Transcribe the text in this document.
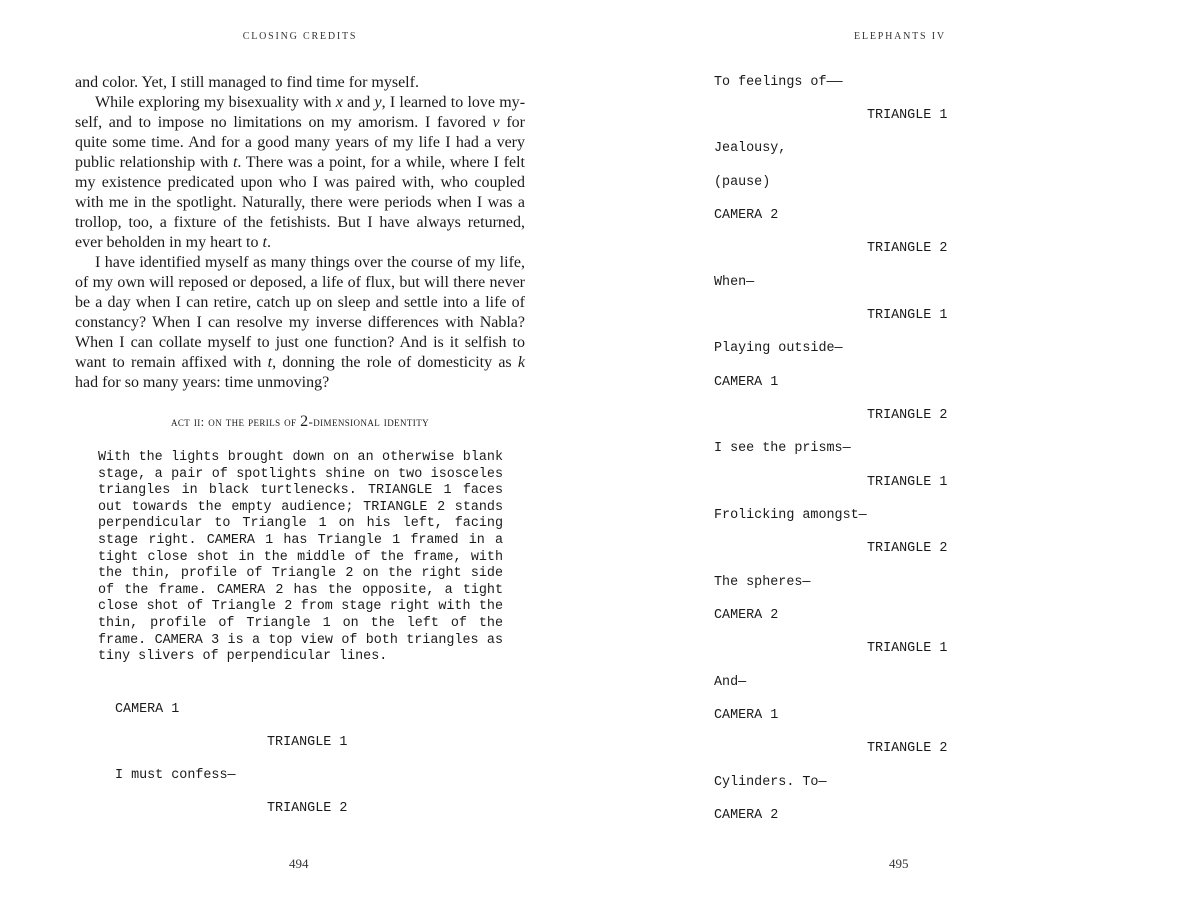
CLOSING CREDITS

and color. Yet, I still managed to find time for myself.

While exploring my bisexuality with x and y, I learned to love myself, and to impose no limitations on my amorism. I favored v for quite some time. And for a good many years of my life I had a very public relationship with t. There was a point, for a while, where I felt my existence predicated upon who I was paired with, who coupled with me in the spotlight. Naturally, there were periods when I was a trollop, too, a fixture of the fetishists. But I have always returned, ever beholden in my heart to t.

I have identified myself as many things over the course of my life, of my own will reposed or deposed, a life of flux, but will there never be a day when I can retire, catch up on sleep and settle into a life of constancy? When I can resolve my inverse differences with Nabla? When I can collate myself to just one function? And is it selfish to want to remain affixed with t, donning the role of domesticity as k had for so many years: time unmoving?

act ii: on the perils of 2-dimensional identity

With the lights brought down on an otherwise blank stage, a pair of spotlights shine on two isosceles triangles in black turtlenecks. TRIANGLE 1 faces out towards the empty audience; TRIANGLE 2 stands perpendicular to Triangle 1 on his left, facing stage right. CAMERA 1 has Triangle 1 framed in a tight close shot in the middle of the frame, with the thin, profile of Triangle 2 on the right side of the frame. CAMERA 2 has the opposite, a tight close shot of Triangle 2 from stage right with the thin, profile of Triangle 1 on the left of the frame. CAMERA 3 is a top view of both triangles as tiny slivers of perpendicular lines.

CAMERA 1
TRIANGLE 1
I must confess—
TRIANGLE 2
494
ELEPHANTS IV
To feelings of——
TRIANGLE 1
Jealousy,
(pause)
CAMERA 2
TRIANGLE 2
When—
TRIANGLE 1
Playing outside—
CAMERA 1
TRIANGLE 2
I see the prisms—
TRIANGLE 1
Frolicking amongst—
TRIANGLE 2
The spheres—
CAMERA 2
TRIANGLE 1
And—
CAMERA 1
TRIANGLE 2
Cylinders. To—
CAMERA 2
495
